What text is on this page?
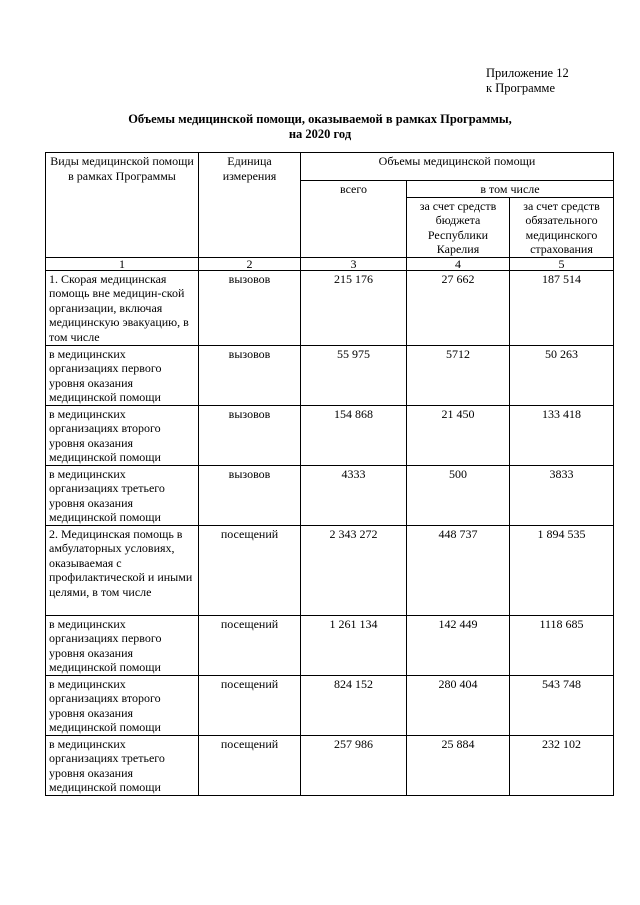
Приложение 12
к Программе
Объемы медицинской помощи, оказываемой в рамках Программы,
на 2020 год
Виды медицинской помощи в рамках Программы	Единица измерения	Объемы медицинской помощи		
		всего	в том числе	
			за счет средств бюджета Республики Карелия	за счет средств обязательного медицинского страхования
1	2	3	4	5
1. Скорая медицинская помощь вне медицин-ской организации, включая медицинскую эвакуацию, в том числе	вызовов	215 176	27 662	187 514
в медицинских организациях первого уровня оказания медицинской помощи	вызовов	55 975	5712	50 263
в медицинских организациях второго уровня оказания медицинской помощи	вызовов	154 868	21 450	133 418
в медицинских организациях третьего уровня оказания медицинской помощи	вызовов	4333	500	3833
2. Медицинская помощь в амбулаторных условиях, оказываемая с профилактической и иными целями, в том числе	посещений	2 343 272	448 737	1 894 535
в медицинских организациях первого уровня оказания медицинской помощи	посещений	1 261 134	142 449	1118 685
в медицинских организациях второго уровня оказания медицинской помощи	посещений	824 152	280 404	543 748
в медицинских организациях третьего уровня оказания медицинской помощи	посещений	257 986	25 884	232 102
